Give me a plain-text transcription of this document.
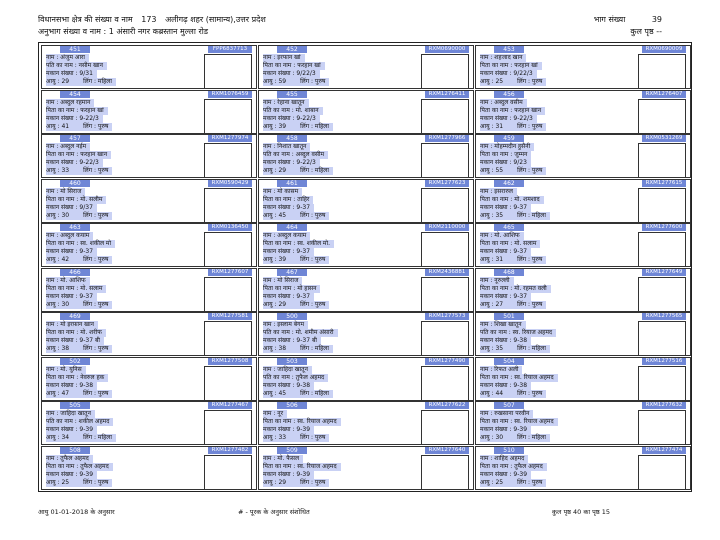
विधानसभा क्षेत्र की संख्या व नाम 173 अलीगढ़ शहर (सामान्य),उत्तर प्रदेश
अनुभाग संख्या व नाम : 1 अंसारी नगर कब्रस्तान मुल्ला रोड
भाग संख्या	39
कुल पृष्ठ --
451	FPP6837713
नाम : अंजुम आरा
पति का नाम : नसीम खान
मकान संख्या : 9/31
आयु : 29 लिंग : महिला
452	RXM0690000
नाम : इरफान खां
पिता का नाम : फरहान खां
मकान संख्या : 9/22/3
आयु : 59 लिंग : पुरुष
453	RXM0690009
नाम : शहजाद खान
पिता का नाम : फरहान खां
मकान संख्या : 9/22/3
आयु : 25 लिंग : पुरुष
454	RXM1076459
नाम : अब्दुल रहमान
पिता का नाम : फरहान खां
मकान संख्या : 9-22/3
आयु : 41 लिंग : पुरुष
455	RXM1276411
नाम : रेहाना खातून
पति का नाम : मो. शाबान
मकान संख्या : 9-22/3
आयु : 39 लिंग : महिला
456	RXM1276407
नाम : अब्दुल वसीम
पिता का नाम : फरहान खान
मकान संख्या : 9-22/3
आयु : 31 लिंग : पुरुष
457	RXM1277974
नाम : अब्दुल नईम
पिता का नाम : फरहान खान
मकान संख्या : 9-22/3
आयु : 33 लिंग : पुरुष
458	RXM1277966
नाम : निशात खातून
पति का नाम : अब्दुल वसीम
मकान संख्या : 9-22/3
आयु : 29 लिंग : महिला
459	RXM0531269
नाम : मोहम्मदीन हुसैनी
पिता का नाम : जुम्मन
मकान संख्या : 9/23
आयु : 55 लिंग : पुरुष
460	RXM0590429
नाम : मो सिराज
पिता का नाम : मो. सलीम
मकान संख्या : 9/37
आयु : 30 लिंग : पुरुष
461	RXM1277623
नाम : मो कासम
पिता का नाम : ताहिर
मकान संख्या : 9-37
आयु : 45 लिंग : पुरुष
462	RXM1277615
नाम : इसरारुल
पिता का नाम : मो. शमशाद
मकान संख्या : 9-37
आयु : 35 लिंग : महिला
463	RXM0136450
नाम : अब्दुल कयाम
पिता का नाम : स्व. शकील मो
मकान संख्या : 9-37
आयु : 42 लिंग : पुरुष
464	RXM2110000
नाम : अब्दुल कयाम
पिता का नाम : स्व. शकील मो.
मकान संख्या : 9-37
आयु : 39 लिंग : पुरुष
465	RXM1277600
नाम : मो. आशिफ
पिता का नाम : मो. सलाम
मकान संख्या : 9-37
आयु : 31 लिंग : पुरुष
466	RXM1277607
नाम : मो. आशिफ
पिता का नाम : मो. सलाम
मकान संख्या : 9-37
आयु : 30 लिंग : पुरुष
467	RXM2436881
नाम : मो सिराज
पिता का नाम : मो हासन
मकान संख्या : 9-37
आयु : 29 लिंग : पुरुष
468	RXM1277649
नाम : नूरुल्ली
पिता का नाम : मो. रहमत वली
मकान संख्या : 9-37
आयु : 27 लिंग : पुरुष
469	RXM1277581
नाम : मो इरफ़ान खान
पिता का नाम : मो. शरीफ
मकान संख्या : 9-37 बी
आयु : 38 लिंग : पुरुष
500	RXM1277573
नाम : इस्लाम बेगम
पति का नाम : मो. शमीम अंसारी
मकान संख्या : 9-37 बी
आयु : 38 लिंग : महिला
501	RXM1277565
नाम : शिखा खातून
पति का नाम : स्व. रियाज अहमद
मकान संख्या : 9-38
आयु : 35 लिंग : महिला
502	RXM1277508
नाम : मो. युनिस
पिता का नाम : नेवरुल हक
मकान संख्या : 9-38
आयु : 47 लिंग : पुरुष
503	RXM1277490
नाम : जाहिदा खातून
पति का नाम : तुफैल अहमद
मकान संख्या : 9-38
आयु : 45 लिंग : महिला
504	RXM1277516
नाम : रिफत अली
पिता का नाम : स्व. रियाज अहमद
मकान संख्या : 9-38
आयु : 44 लिंग : पुरुष
505	RXM1277467
नाम : जाहिदा खातून
पति का नाम : शकील अहमद
मकान संख्या : 9-39
आयु : 34 लिंग : महिला
506	RXM1277622
नाम : नूर
पिता का नाम : स्व. रियाज अहमद
मकान संख्या : 9-39
आयु : 33 लिंग : पुरुष
507	RXM1277632
नाम : रुखसाना परवीन
पिता का नाम : स्व. रियाज अहमद
मकान संख्या : 9-39
आयु : 30 लिंग : महिला
508	RXM1277482
नाम : तुफैल अहमद
पिता का नाम : तुफैल अहमद
मकान संख्या : 9-39
आयु : 25 लिंग : पुरुष
509	RXM1277640
नाम : मो. फैसल
पिता का नाम : स्व. रियाज अहमद
मकान संख्या : 9-39
आयु : 29 लिंग : पुरुष
510	RXM1277474
नाम : शाहिद अहमद
पिता का नाम : तुफैल अहमद
मकान संख्या : 9-39
आयु : 25 लिंग : पुरुष
आयु 01-01-2018 के अनुसार	# - पूरक के अनुसार संशोधित	कुल पृष्ठ 40 का पृष्ठ 15
